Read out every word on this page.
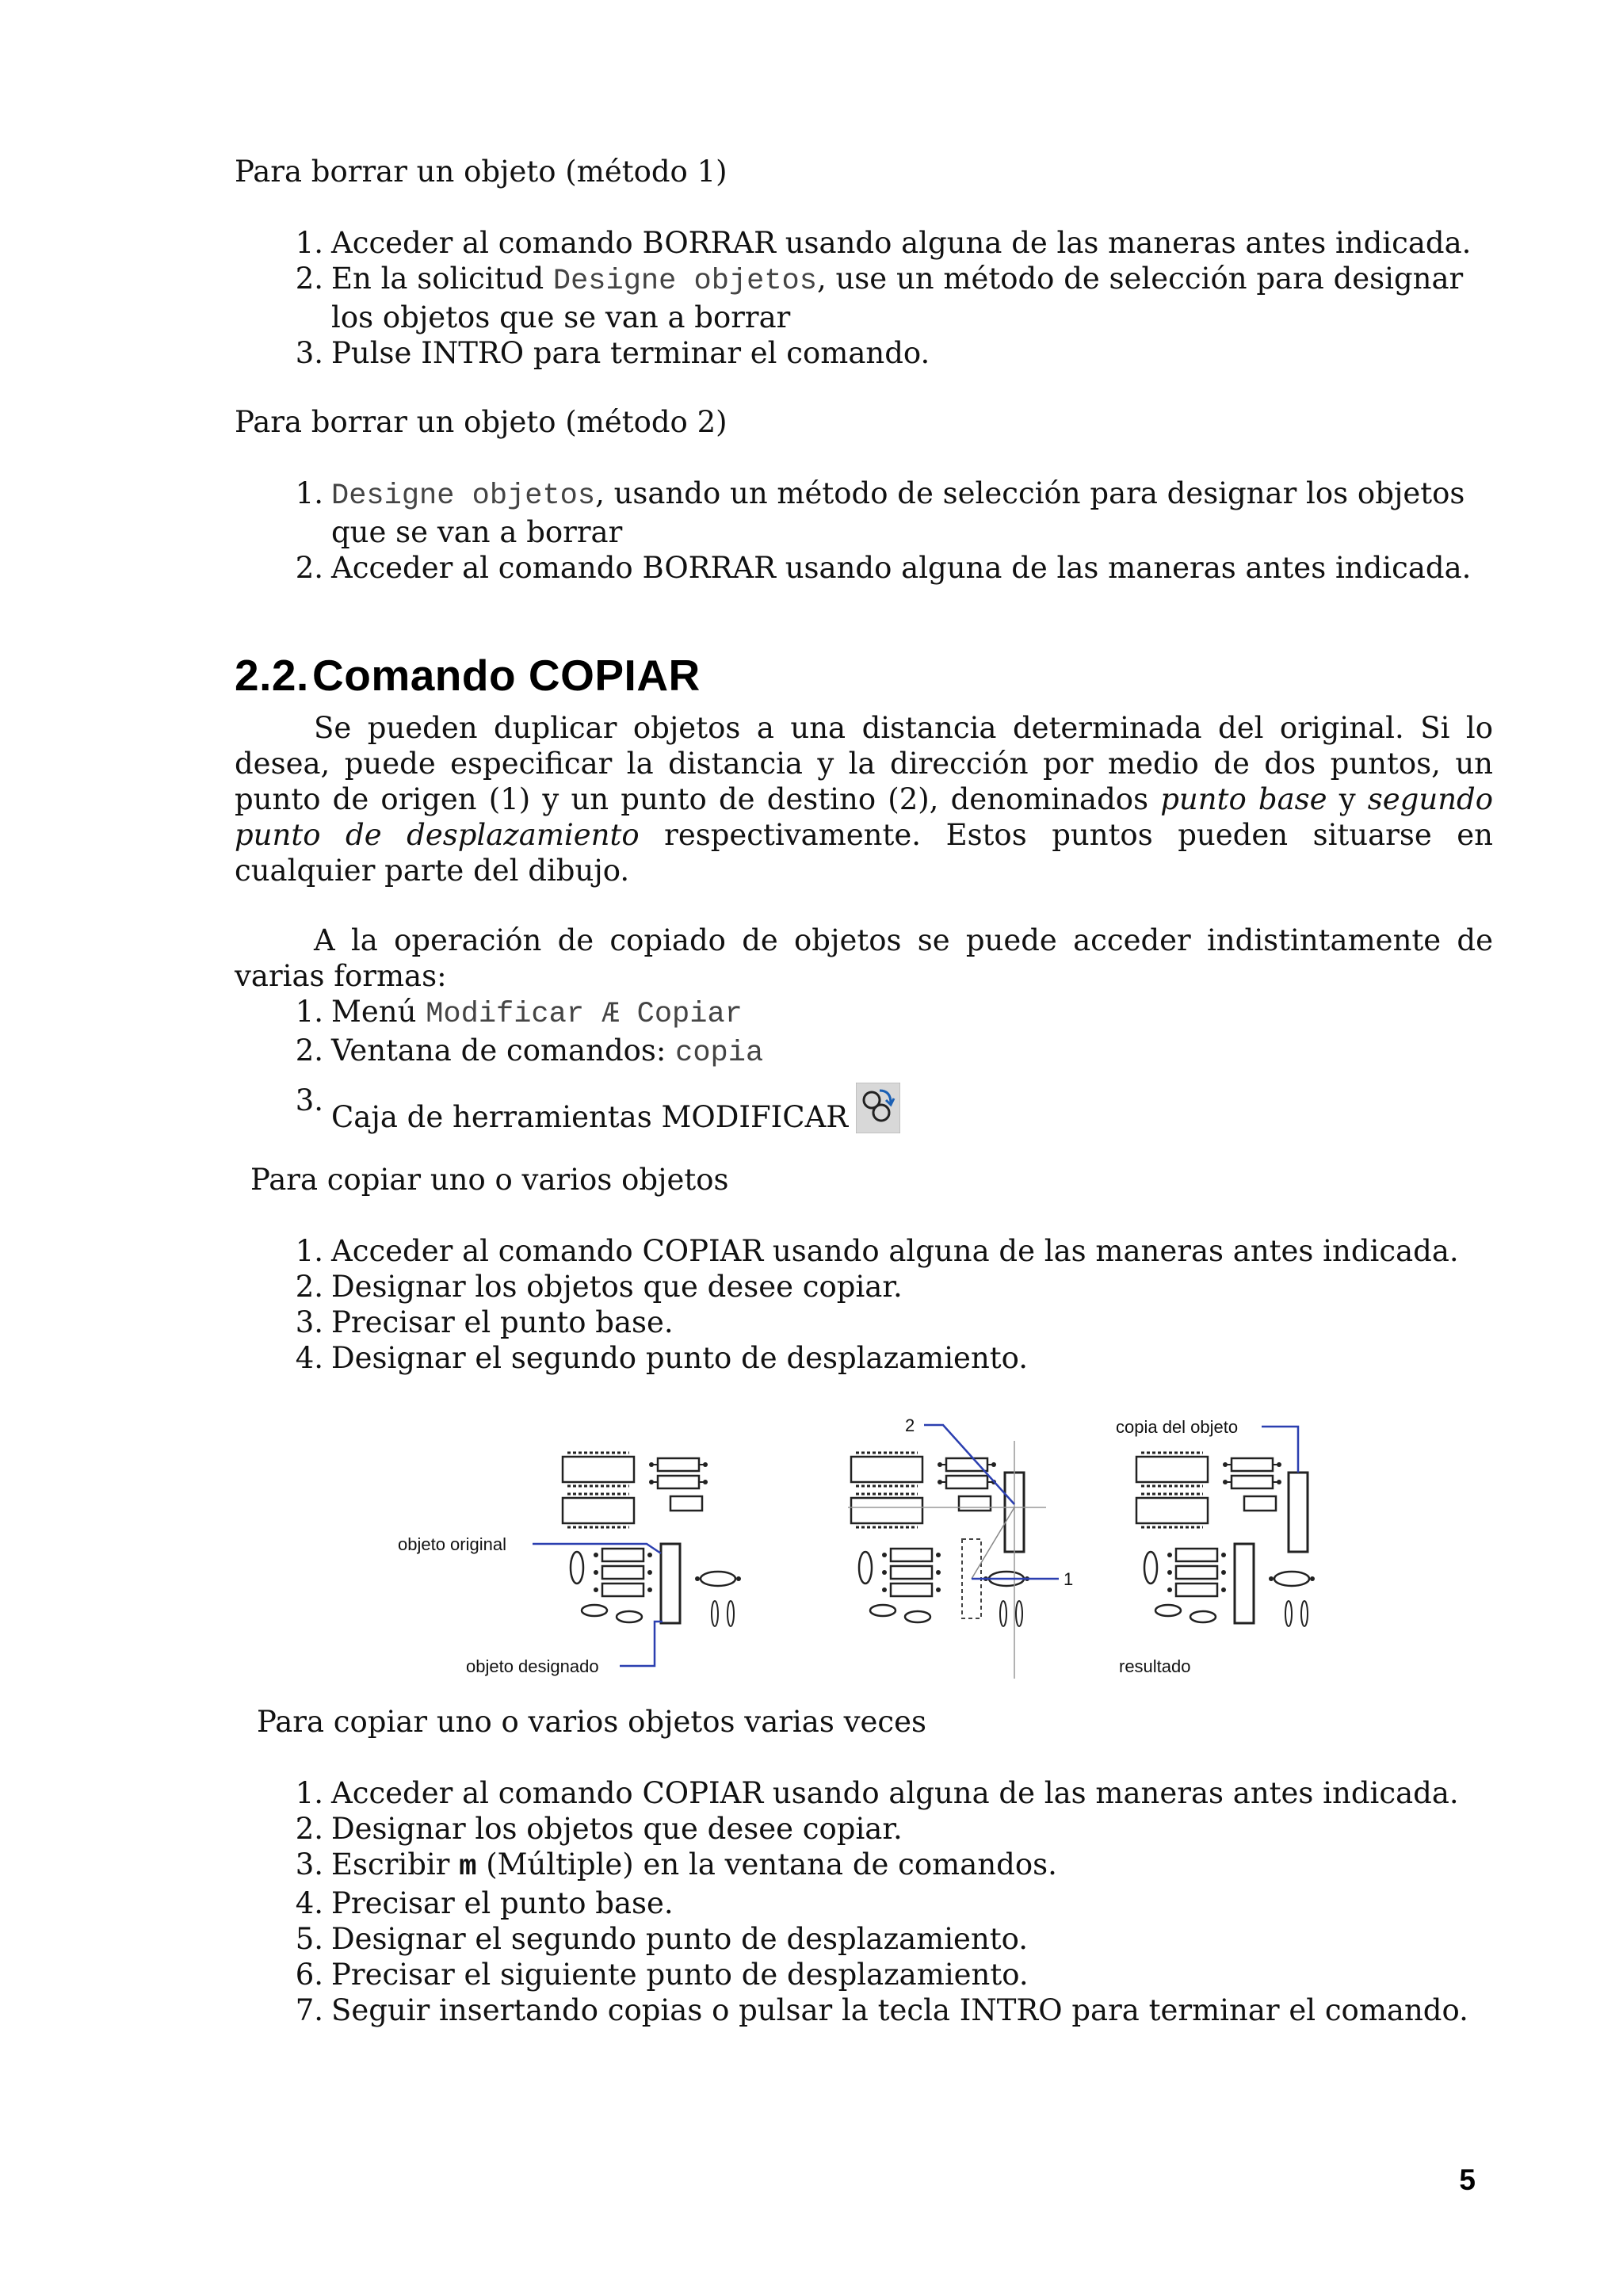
Para borrar un objeto (método 1)
1. Acceder al comando BORRAR usando alguna de las maneras antes indicada.
2. En la solicitud Designe objetos, use un método de selección para designar los objetos que se van a borrar
3. Pulse INTRO para terminar el comando.
Para borrar un objeto (método 2)
1. Designe objetos, usando un método de selección para designar los objetos que se van a borrar
2. Acceder al comando BORRAR usando alguna de las maneras antes indicada.
2.2.Comando COPIAR
Se pueden duplicar objetos a una distancia determinada del original. Si lo desea, puede especificar la distancia y la dirección por medio de dos puntos, un punto de origen (1) y un punto de destino (2), denominados punto base y segundo punto de desplazamiento respectivamente. Estos puntos pueden situarse en cualquier parte del dibujo.
A la operación de copiado de objetos se puede acceder indistintamente de varias formas:
1. Menú Modificar Æ Copiar
2. Ventana de comandos: copia
3. Caja de herramientas MODIFICAR
Para copiar uno o varios objetos
1. Acceder al comando COPIAR usando alguna de las maneras antes indicada.
2. Designar los objetos que desee copiar.
3. Precisar el punto base.
4. Designar el segundo punto de desplazamiento.
objeto original
objeto designado
2
1
copia del objeto
resultado
Para copiar uno o varios objetos varias veces
1. Acceder al comando COPIAR usando alguna de las maneras antes indicada.
2. Designar los objetos que desee copiar.
3. Escribir m (Múltiple) en la ventana de comandos.
4. Precisar el punto base.
5. Designar el segundo punto de desplazamiento.
6. Precisar el siguiente punto de desplazamiento.
7. Seguir insertando copias o pulsar la tecla INTRO para terminar el comando.
5
